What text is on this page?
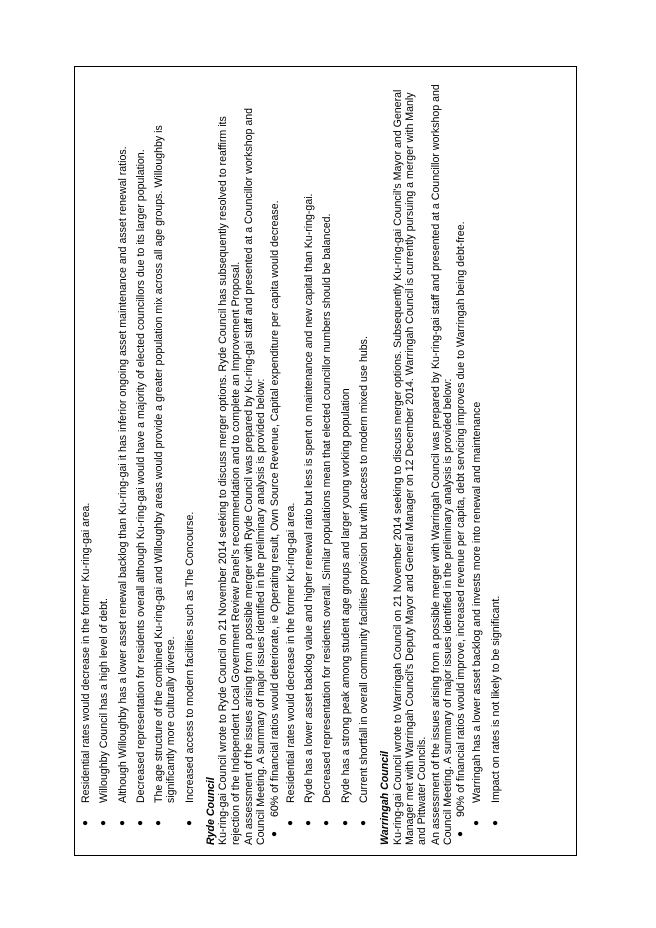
●
Residential rates would decrease in the former Ku-ring-gai area.
●
Willoughby Council has a high level of debt.
●
Although Willoughby has a lower asset renewal backlog than Ku-ring-gai it has inferior ongoing asset maintenance and asset renewal ratios.
●
Decreased representation for residents overall although Ku-ring-gai would have a majority of elected councillors due to its larger population.
●
The age structure of the combined Ku-ring-gai and Willoughby areas would provide a greater population mix across all age groups. Willoughby is significantly more culturally diverse.
●
Increased access to modern facilities such as The Concourse.
Ryde Council Ku-ring-gai Council wrote to Ryde Council on 21 November 2014 seeking to discuss merger options. Ryde Council has subsequently resolved to reaffirm its rejection of the Independent Local Government Review Panel's recommendation and to complete an Improvement Proposal. An assessment of the issues arising from a possible merger with Ryde Council was prepared by Ku-ring-gai staff and presented at a Councillor workshop and Council Meeting. A summary of major issues identified in the preliminary analysis is provided below: ●
60% of financial ratios would deteriorate, ie Operating result, Own Source Revenue, Capital expenditure per capita would decrease.
●
Residential rates would decrease in the former Ku-ring-gai area.
●
Ryde has a lower asset backlog value and higher renewal ratio but less is spent on maintenance and new capital than Ku-ring-gai.
●
Decreased representation for residents overall. Similar populations mean that elected councillor numbers should be balanced.
●
Ryde has a strong peak among student age groups and larger young working population
●
Current shortfall in overall community facilities provision but with access to modern mixed use hubs. Warringah Council Ku-ring-gai Council wrote to Warringah Council on 21 November 2014 seeking to discuss merger options. Subsequently Ku-ring-gai Council's Mayor and General Manager met with Warringah Council's Deputy Mayor and General Manager on 12 December 2014. Warringah Council is currently pursuing a merger with Manly and Pittwater Councils. An assessment of the issues arising from a possible merger with Warringah Council was prepared by Ku-ring-gai staff and presented at a Councillor workshop and Council Meeting. A summary of major issues identified in the preliminary analysis is provided below: ●
90% of financial ratios would improve, increased revenue per capita, debt servicing improves due to Warringah being debt-free.
●
Warringah has a lower asset backlog and invests more into renewal and maintenance
●
Impact on rates is not likely to be significant.
